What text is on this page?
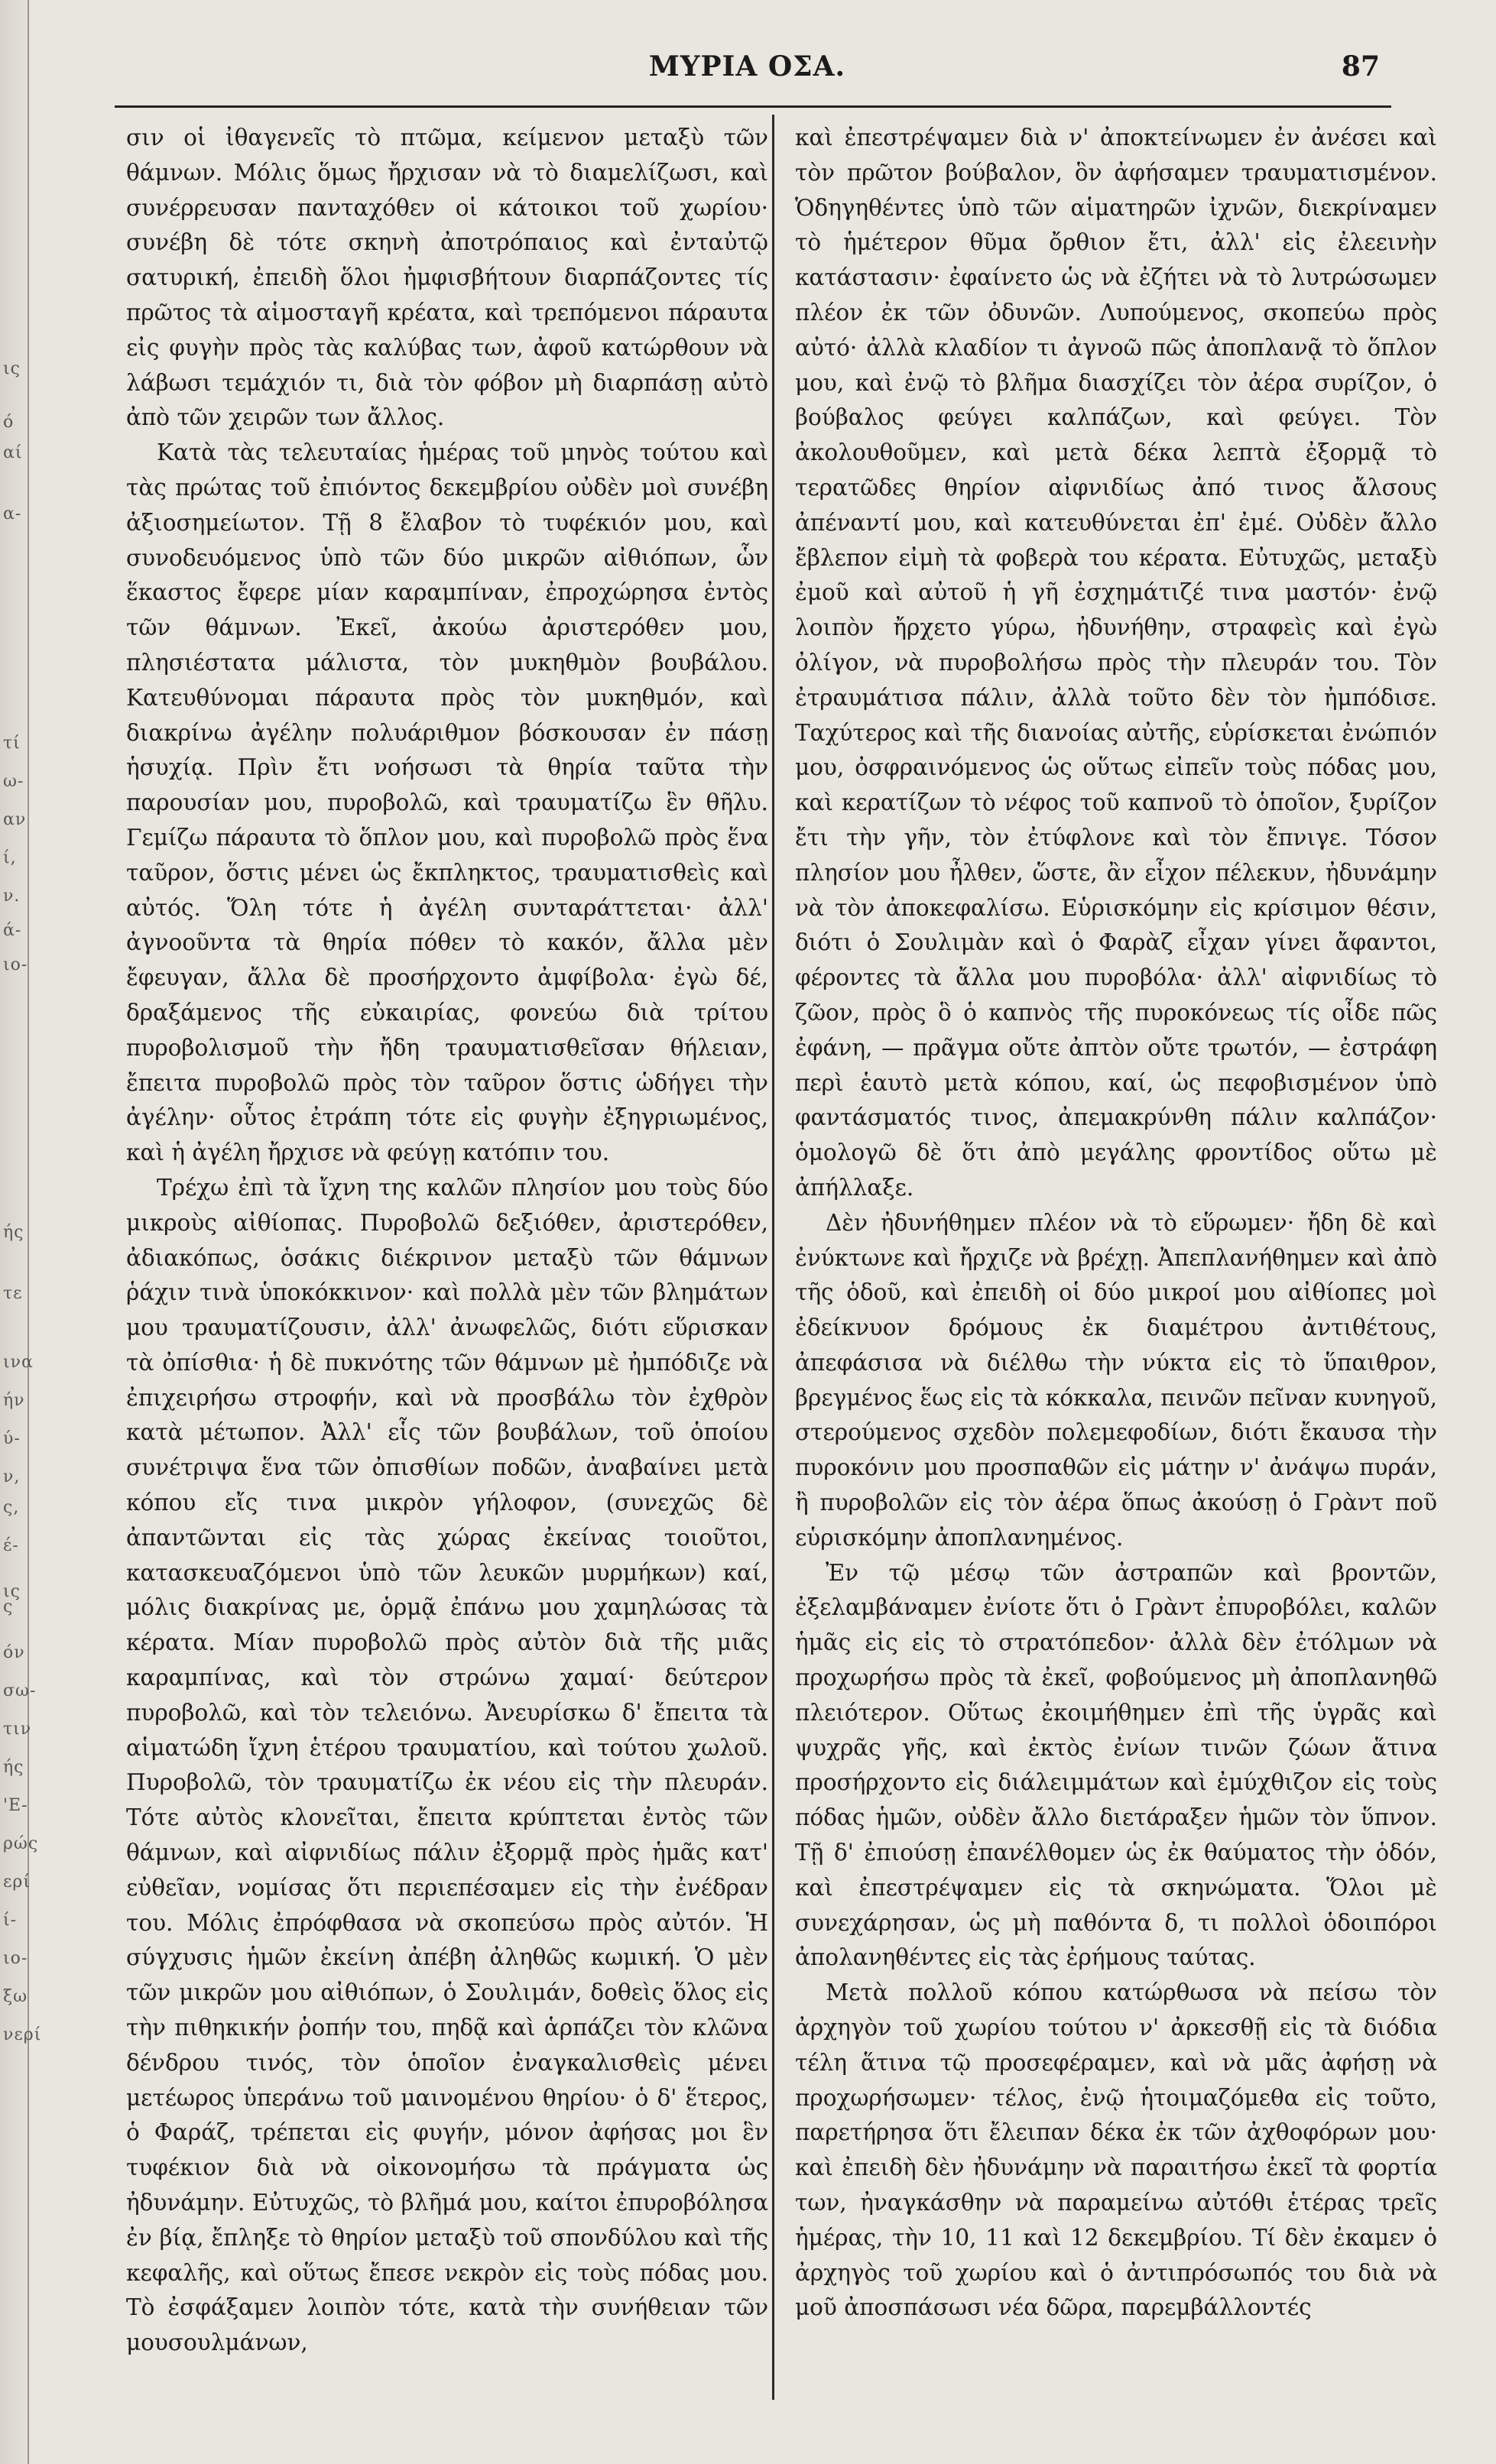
ις
ό
αί
α-
τί
ω-
αν
ί,
ν.
ά-
ιο-
ής
τε
ινα
ήν
ύ-
ν,
ς,
έ-
ις
ς
όν
σω-
τιν
ής
'Ε-
ρώς
ερί
ί-
ιο-
ξω
νερί
ΜΥΡΙΑ ΟΣΑ.	87

σιν οἱ ἰθαγενεῖς τὸ πτῶμα, κείμενον μεταξὺ τῶν θάμνων. Μόλις ὅμως ἤρχισαν νὰ τὸ διαμελίζωσι, καὶ συνέρρευσαν πανταχόθεν οἱ κάτοικοι τοῦ χωρίου· συνέβη δὲ τότε σκηνὴ ἀποτρόπαιος καὶ ἐνταὐτῷ σατυρική, ἐπειδὴ ὅλοι ἠμφισβήτουν διαρπάζοντες τίς πρῶτος τὰ αἱμοσταγῆ κρέατα, καὶ τρεπόμενοι πάραυτα εἰς φυγὴν πρὸς τὰς καλύβας των, ἀφοῦ κατώρθουν νὰ λάβωσι τεμάχιόν τι, διὰ τὸν φόβον μὴ διαρπάσῃ αὐτὸ ἀπὸ τῶν χειρῶν των ἄλλος.

Κατὰ τὰς τελευταίας ἡμέρας τοῦ μηνὸς τούτου καὶ τὰς πρώτας τοῦ ἐπιόντος δεκεμβρίου οὐδὲν μοὶ συνέβη ἀξιοσημείωτον. Τῇ 8 ἔλαβον τὸ τυφέκιόν μου, καὶ συνοδευόμενος ὑπὸ τῶν δύο μικρῶν αἰθιόπων, ὧν ἕκαστος ἔφερε μίαν καραμπίναν, ἐπροχώρησα ἐντὸς τῶν θάμνων. Ἐκεῖ, ἀκούω ἀριστερόθεν μου, πλησιέστατα μάλιστα, τὸν μυκηθμὸν βουβάλου. Κατευθύνομαι πάραυτα πρὸς τὸν μυκηθμόν, καὶ διακρίνω ἀγέλην πολυάριθμον βόσκουσαν ἐν πάσῃ ἡσυχίᾳ. Πρὶν ἔτι νοήσωσι τὰ θηρία ταῦτα τὴν παρουσίαν μου, πυροβολῶ, καὶ τραυματίζω ἓν θῆλυ. Γεμίζω πάραυτα τὸ ὅπλον μου, καὶ πυροβολῶ πρὸς ἕνα ταῦρον, ὅστις μένει ὡς ἔκπληκτος, τραυματισθεὶς καὶ αὐτός. Ὅλη τότε ἡ ἀγέλη συνταράττεται· ἀλλ' ἀγνοοῦντα τὰ θηρία πόθεν τὸ κακόν, ἄλλα μὲν ἔφευγαν, ἄλλα δὲ προσήρχοντο ἀμφίβολα· ἐγὼ δέ, δραξάμενος τῆς εὐκαιρίας, φονεύω διὰ τρίτου πυροβολισμοῦ τὴν ἤδη τραυματισθεῖσαν θήλειαν, ἔπειτα πυροβολῶ πρὸς τὸν ταῦρον ὅστις ὡδήγει τὴν ἀγέλην· οὗτος ἐτράπη τότε εἰς φυγὴν ἐξηγριωμένος, καὶ ἡ ἀγέλη ἤρχισε νὰ φεύγῃ κατόπιν του.

Τρέχω ἐπὶ τὰ ἴχνη της καλῶν πλησίον μου τοὺς δύο μικροὺς αἰθίοπας. Πυροβολῶ δεξιόθεν, ἀριστερόθεν, ἀδιακόπως, ὁσάκις διέκρινον μεταξὺ τῶν θάμνων ῥάχιν τινὰ ὑποκόκκινον· καὶ πολλὰ μὲν τῶν βλημάτων μου τραυματίζουσιν, ἀλλ' ἀνωφελῶς, διότι εὕρισκαν τὰ ὀπίσθια· ἡ δὲ πυκνότης τῶν θάμνων μὲ ἠμπόδιζε νὰ ἐπιχειρήσω στροφήν, καὶ νὰ προσβάλω τὸν ἐχθρὸν κατὰ μέτωπον. Ἀλλ' εἷς τῶν βουβάλων, τοῦ ὁποίου συνέτριψα ἕνα τῶν ὀπισθίων ποδῶν, ἀναβαίνει μετὰ κόπου εἴς τινα μικρὸν γήλοφον, (συνεχῶς δὲ ἀπαντῶνται εἰς τὰς χώρας ἐκείνας τοιοῦτοι, κατασκευαζόμενοι ὑπὸ τῶν λευκῶν μυρμήκων) καί, μόλις διακρίνας με, ὁρμᾷ ἐπάνω μου χαμηλώσας τὰ κέρατα. Μίαν πυροβολῶ πρὸς αὐτὸν διὰ τῆς μιᾶς καραμπίνας, καὶ τὸν στρώνω χαμαί· δεύτερον πυροβολῶ, καὶ τὸν τελειόνω. Ἀνευρίσκω δ' ἔπειτα τὰ αἱματώδη ἴχνη ἑτέρου τραυματίου, καὶ τούτου χωλοῦ. Πυροβολῶ, τὸν τραυματίζω ἐκ νέου εἰς τὴν πλευράν. Τότε αὐτὸς κλονεῖται, ἔπειτα κρύπτεται ἐντὸς τῶν θάμνων, καὶ αἰφνιδίως πάλιν ἐξορμᾷ πρὸς ἡμᾶς κατ' εὐθεῖαν, νομίσας ὅτι περιεπέσαμεν εἰς τὴν ἐνέδραν του. Μόλις ἐπρόφθασα νὰ σκοπεύσω πρὸς αὐτόν. Ἡ σύγχυσις ἡμῶν ἐκείνη ἀπέβη ἀληθῶς κωμική. Ὁ μὲν τῶν μικρῶν μου αἰθιόπων, ὁ Σουλιμάν, δοθεὶς ὅλος εἰς τὴν πιθηκικήν ῥοπήν του, πηδᾷ καὶ ἁρπάζει τὸν κλῶνα δένδρου τινός, τὸν ὁποῖον ἐναγκαλισθεὶς μένει μετέωρος ὑπεράνω τοῦ μαινομένου θηρίου· ὁ δ' ἕτερος, ὁ Φαράζ, τρέπεται εἰς φυγήν, μόνον ἀφήσας μοι ἓν τυφέκιον διὰ νὰ οἰκονομήσω τὰ πράγματα ὡς ἠδυνάμην. Εὐτυχῶς, τὸ βλῆμά μου, καίτοι ἐπυροβόλησα ἐν βίᾳ, ἔπληξε τὸ θηρίον μεταξὺ τοῦ σπονδύλου καὶ τῆς κεφαλῆς, καὶ οὕτως ἔπεσε νεκρὸν εἰς τοὺς πόδας μου. Τὸ ἐσφάξαμεν λοιπὸν τότε, κατὰ τὴν συνήθειαν τῶν μουσουλμάνων,

καὶ ἐπεστρέψαμεν διὰ ν' ἀποκτείνωμεν ἐν ἀνέσει καὶ τὸν πρῶτον βούβαλον, ὃν ἀφήσαμεν τραυματισμένον. Ὁδηγηθέντες ὑπὸ τῶν αἱματηρῶν ἰχνῶν, διεκρίναμεν τὸ ἡμέτερον θῦμα ὄρθιον ἔτι, ἀλλ' εἰς ἐλεεινὴν κατάστασιν· ἐφαίνετο ὡς νὰ ἐζήτει νὰ τὸ λυτρώσωμεν πλέον ἐκ τῶν ὀδυνῶν. Λυπούμενος, σκοπεύω πρὸς αὐτό· ἀλλὰ κλαδίον τι ἀγνοῶ πῶς ἀποπλανᾷ τὸ ὅπλον μου, καὶ ἐνῷ τὸ βλῆμα διασχίζει τὸν ἀέρα συρίζον, ὁ βούβαλος φεύγει καλπάζων, καὶ φεύγει. Τὸν ἀκολουθοῦμεν, καὶ μετὰ δέκα λεπτὰ ἐξορμᾷ τὸ τερατῶδες θηρίον αἰφνιδίως ἀπό τινος ἄλσους ἀπέναντί μου, καὶ κατευθύνεται ἐπ' ἐμέ. Οὐδὲν ἄλλο ἔβλεπον εἰμὴ τὰ φοβερὰ του κέρατα. Εὐτυχῶς, μεταξὺ ἐμοῦ καὶ αὐτοῦ ἡ γῆ ἐσχημάτιζέ τινα μαστόν· ἐνῷ λοιπὸν ἤρχετο γύρω, ἠδυνήθην, στραφεὶς καὶ ἐγὼ ὀλίγον, νὰ πυροβολήσω πρὸς τὴν πλευράν του. Τὸν ἐτραυμάτισα πάλιν, ἀλλὰ τοῦτο δὲν τὸν ἠμπόδισε. Ταχύτερος καὶ τῆς διανοίας αὐτῆς, εὑρίσκεται ἐνώπιόν μου, ὀσφραινόμενος ὡς οὕτως εἰπεῖν τοὺς πόδας μου, καὶ κερατίζων τὸ νέφος τοῦ καπνοῦ τὸ ὁποῖον, ξυρίζον ἔτι τὴν γῆν, τὸν ἐτύφλονε καὶ τὸν ἔπνιγε. Τόσον πλησίον μου ἦλθεν, ὥστε, ἂν εἶχον πέλεκυν, ἠδυνάμην νὰ τὸν ἀποκεφαλίσω. Εὑρισκόμην εἰς κρίσιμον θέσιν, διότι ὁ Σουλιμὰν καὶ ὁ Φαρὰζ εἶχαν γίνει ἄφαντοι, φέροντες τὰ ἄλλα μου πυροβόλα· ἀλλ' αἰφνιδίως τὸ ζῶον, πρὸς ὃ ὁ καπνὸς τῆς πυροκόνεως τίς οἶδε πῶς ἐφάνη, — πρᾶγμα οὔτε ἀπτὸν οὔτε τρωτόν, — ἐστράφη περὶ ἑαυτὸ μετὰ κόπου, καί, ὡς πεφοβισμένον ὑπὸ φαντάσματός τινος, ἀπεμακρύνθη πάλιν καλπάζον· ὁμολογῶ δὲ ὅτι ἀπὸ μεγάλης φροντίδος οὕτω μὲ ἀπήλλαξε.

Δὲν ἠδυνήθημεν πλέον νὰ τὸ εὕρωμεν· ἤδη δὲ καὶ ἐνύκτωνε καὶ ἤρχιζε νὰ βρέχῃ. Ἀπεπλανήθημεν καὶ ἀπὸ τῆς ὁδοῦ, καὶ ἐπειδὴ οἱ δύο μικροί μου αἰθίοπες μοὶ ἐδείκνυον δρόμους ἐκ διαμέτρου ἀντιθέτους, ἀπεφάσισα νὰ διέλθω τὴν νύκτα εἰς τὸ ὕπαιθρον, βρεγμένος ἕως εἰς τὰ κόκκαλα, πεινῶν πεῖναν κυνηγοῦ, στερούμενος σχεδὸν πολεμεφοδίων, διότι ἔκαυσα τὴν πυροκόνιν μου προσπαθῶν εἰς μάτην ν' ἀνάψω πυράν, ἢ πυροβολῶν εἰς τὸν ἀέρα ὅπως ἀκούσῃ ὁ Γρὰντ ποῦ εὑρισκόμην ἀποπλανημένος.

Ἐν τῷ μέσῳ τῶν ἀστραπῶν καὶ βροντῶν, ἐξελαμβάναμεν ἐνίοτε ὅτι ὁ Γρὰντ ἐπυροβόλει, καλῶν ἡμᾶς εἰς εἰς τὸ στρατόπεδον· ἀλλὰ δὲν ἐτόλμων νὰ προχωρήσω πρὸς τὰ ἐκεῖ, φοβούμενος μὴ ἀποπλανηθῶ πλειότερον. Οὕτως ἐκοιμήθημεν ἐπὶ τῆς ὑγρᾶς καὶ ψυχρᾶς γῆς, καὶ ἐκτὸς ἐνίων τινῶν ζώων ἅτινα προσήρχοντο εἰς διάλειμμάτων καὶ ἐμύχθιζον εἰς τοὺς πόδας ἡμῶν, οὐδὲν ἄλλο διετάραξεν ἡμῶν τὸν ὕπνον. Τῇ δ' ἐπιούσῃ ἐπανέλθομεν ὡς ἐκ θαύματος τὴν ὁδόν, καὶ ἐπεστρέψαμεν εἰς τὰ σκηνώματα. Ὅλοι μὲ συνεχάρησαν, ὡς μὴ παθόντα δ, τι πολλοὶ ὁδοιπόροι ἀπολανηθέντες εἰς τὰς ἐρήμους ταύτας.

Μετὰ πολλοῦ κόπου κατώρθωσα νὰ πείσω τὸν ἀρχηγὸν τοῦ χωρίου τούτου ν' ἀρκεσθῇ εἰς τὰ διόδια τέλη ἅτινα τῷ προσεφέραμεν, καὶ νὰ μᾶς ἀφήσῃ νὰ προχωρήσωμεν· τέλος, ἐνῷ ἡτοιμαζόμεθα εἰς τοῦτο, παρετήρησα ὅτι ἔλειπαν δέκα ἐκ τῶν ἀχθοφόρων μου· καὶ ἐπειδὴ δὲν ἠδυνάμην νὰ παραιτήσω ἐκεῖ τὰ φορτία των, ἠναγκάσθην νὰ παραμείνω αὐτόθι ἑτέρας τρεῖς ἡμέρας, τὴν 10, 11 καὶ 12 δεκεμβρίου. Τί δὲν ἐκαμεν ὁ ἀρχηγὸς τοῦ χωρίου καὶ ὁ ἀντιπρόσωπός του διὰ νὰ μοῦ ἀποσπάσωσι νέα δῶρα, παρεμβάλλοντές
